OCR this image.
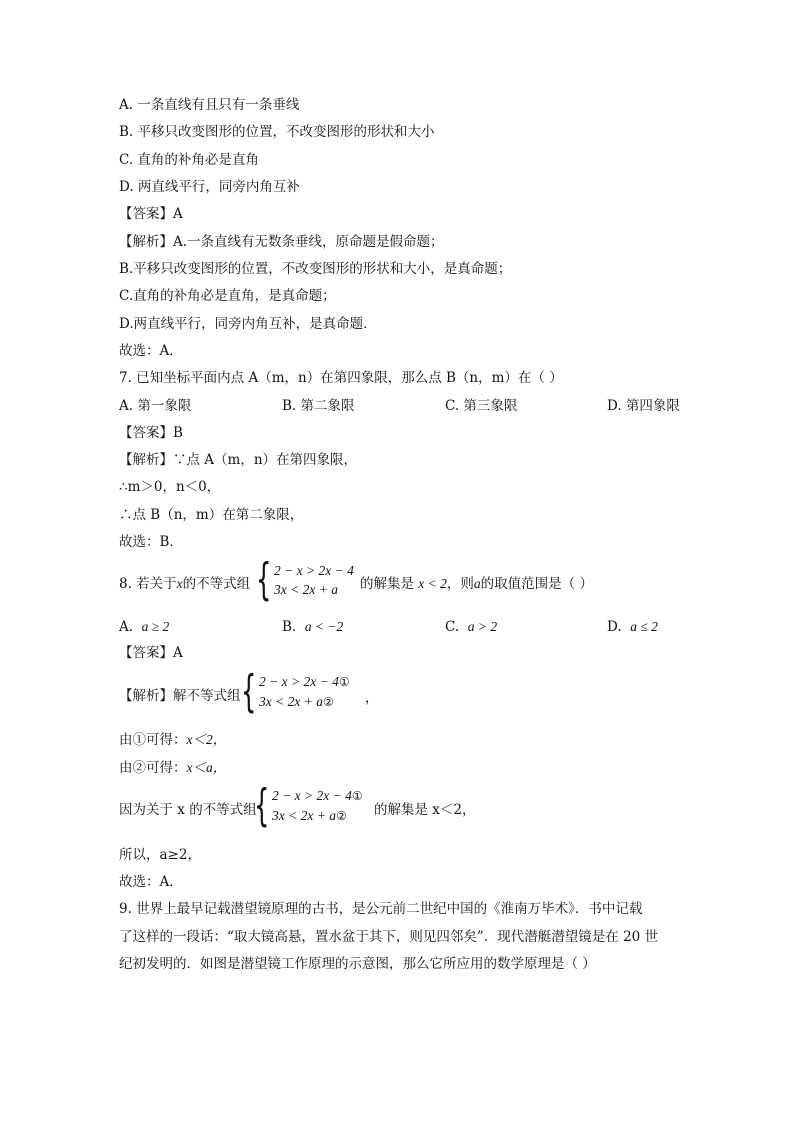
A. 一条直线有且只有一条垂线
B. 平移只改变图形的位置，不改变图形的形状和大小
C. 直角的补角必是直角
D. 两直线平行，同旁内角互补
【答案】A
【解析】A.一条直线有无数条垂线，原命题是假命题；
B.平移只改变图形的位置，不改变图形的形状和大小，是真命题；
C.直角的补角必是直角，是真命题；
D.两直线平行，同旁内角互补，是真命题．
故选：A．
7. 已知坐标平面内点 A（m，n）在第四象限，那么点 B（n，m）在（ ）
A. 第一象限	B. 第二象限	C. 第三象限	D. 第四象限
【答案】B
【解析】∵点 A（m，n）在第四象限，
∴m＞0，n＜0，
∴点 B（n，m）在第二象限，
故选：B．
8. 若关于x的不等式组 { 2 − x > 2x − 4
3x < 2x + a	的解集是 x < 2，则a的取值范围是（ ）
A. a ≥ 2	B. a < −2	C. a > 2	D. a ≤ 2
【答案】A
【解析】解不等式组 { 2 − x > 2x − 4①
3x < 2x + a②	，
由①可得：x＜2，
由②可得：x＜a，
因为关于 x 的不等式组
{ 2 − x > 2x − 4①
3x < 2x + a②	的解集是 x＜2，
所以，a≥2，
故选：A．
9. 世界上最早记载潜望镜原理的古书，是公元前二世纪中国的《淮南万毕术》．书中记载
了这样的一段话：“取大镜高悬，置水盆于其下，则见四邻矣”．现代潜艇潜望镜是在 20 世
纪初发明的．如图是潜望镜工作原理的示意图，那么它所应用的数学原理是（ ）
